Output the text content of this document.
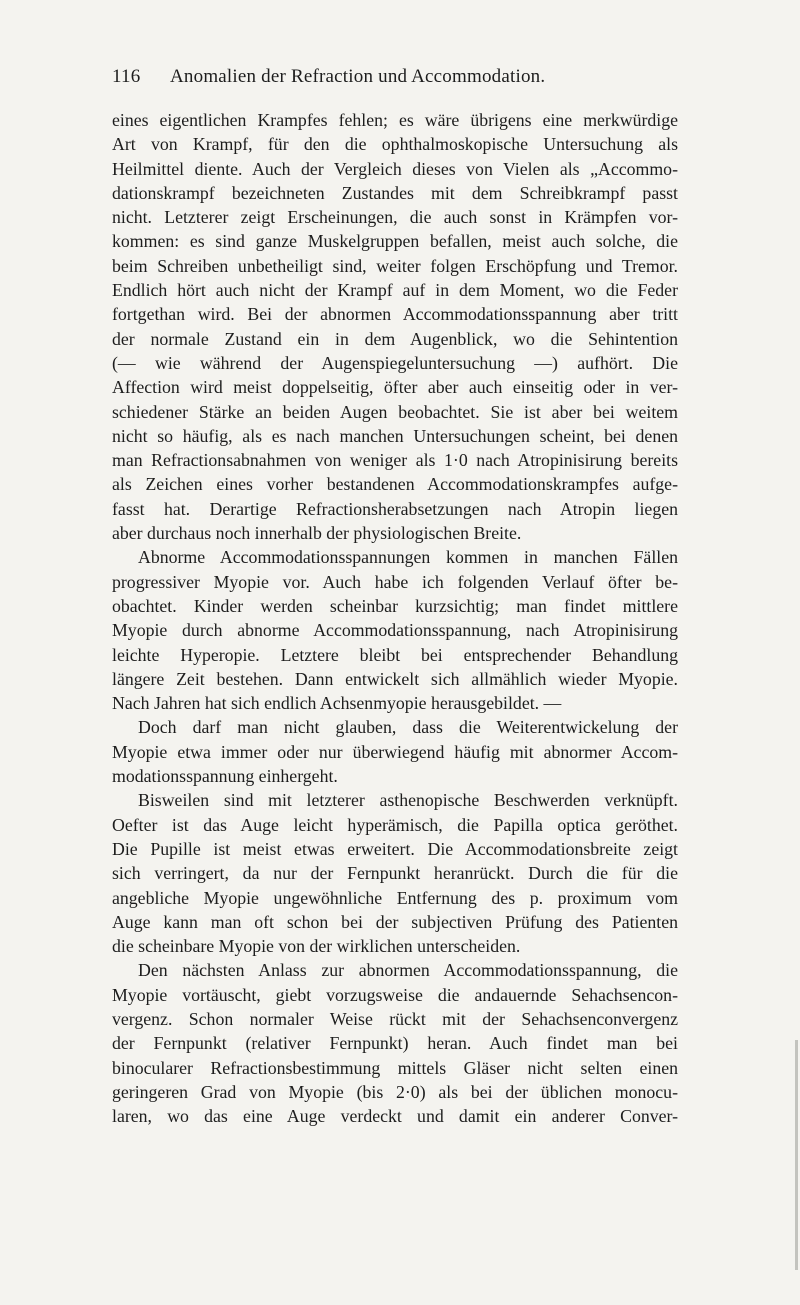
116 Anomalien der Refraction und Accommodation.
eines eigentlichen Krampfes fehlen; es wäre übrigens eine merkwürdige
Art von Krampf, für den die ophthalmoskopische Untersuchung als
Heilmittel diente. Auch der Vergleich dieses von Vielen als „Accommo-
dationskrampf bezeichneten Zustandes mit dem Schreibkrampf passt
nicht. Letzterer zeigt Erscheinungen, die auch sonst in Krämpfen vor-
kommen: es sind ganze Muskelgruppen befallen, meist auch solche, die
beim Schreiben unbetheiligt sind, weiter folgen Erschöpfung und Tremor.
Endlich hört auch nicht der Krampf auf in dem Moment, wo die Feder
fortgethan wird. Bei der abnormen Accommodationsspannung aber tritt
der normale Zustand ein in dem Augenblick, wo die Sehintention
(— wie während der Augenspiegeluntersuchung —) aufhört. Die
Affection wird meist doppelseitig, öfter aber auch einseitig oder in ver-
schiedener Stärke an beiden Augen beobachtet. Sie ist aber bei weitem
nicht so häufig, als es nach manchen Untersuchungen scheint, bei denen
man Refractionsabnahmen von weniger als 1·0 nach Atropinisirung bereits
als Zeichen eines vorher bestandenen Accommodationskrampfes aufge-
fasst hat. Derartige Refractionsherabsetzungen nach Atropin liegen
aber durchaus noch innerhalb der physiologischen Breite.
Abnorme Accommodationsspannungen kommen in manchen Fällen
progressiver Myopie vor. Auch habe ich folgenden Verlauf öfter be-
obachtet. Kinder werden scheinbar kurzsichtig; man findet mittlere
Myopie durch abnorme Accommodationsspannung, nach Atropinisirung
leichte Hyperopie. Letztere bleibt bei entsprechender Behandlung
längere Zeit bestehen. Dann entwickelt sich allmählich wieder Myopie.
Nach Jahren hat sich endlich Achsenmyopie herausgebildet. —
Doch darf man nicht glauben, dass die Weiterentwickelung der
Myopie etwa immer oder nur überwiegend häufig mit abnormer Accom-
modationsspannung einhergeht.
Bisweilen sind mit letzterer asthenopische Beschwerden verknüpft.
Oefter ist das Auge leicht hyperämisch, die Papilla optica geröthet.
Die Pupille ist meist etwas erweitert. Die Accommodationsbreite zeigt
sich verringert, da nur der Fernpunkt heranrückt. Durch die für die
angebliche Myopie ungewöhnliche Entfernung des p. proximum vom
Auge kann man oft schon bei der subjectiven Prüfung des Patienten
die scheinbare Myopie von der wirklichen unterscheiden.
Den nächsten Anlass zur abnormen Accommodationsspannung, die
Myopie vortäuscht, giebt vorzugsweise die andauernde Sehachsencon-
vergenz. Schon normaler Weise rückt mit der Sehachsenconvergenz
der Fernpunkt (relativer Fernpunkt) heran. Auch findet man bei
binocularer Refractionsbestimmung mittels Gläser nicht selten einen
geringeren Grad von Myopie (bis 2·0) als bei der üblichen monocu-
laren, wo das eine Auge verdeckt und damit ein anderer Conver-
